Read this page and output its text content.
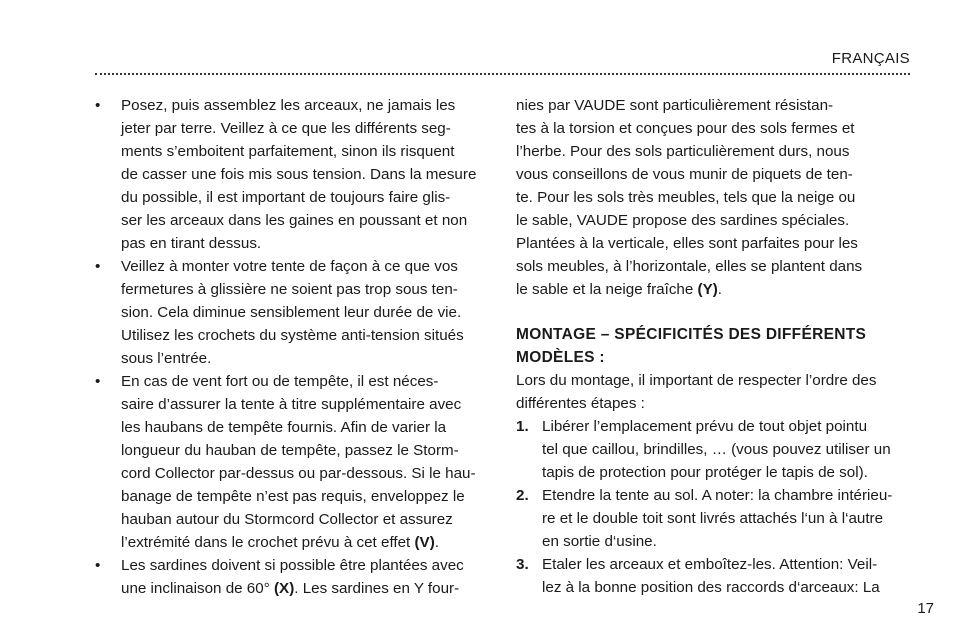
FRANÇAIS
• Posez, puis assemblez les arceaux, ne jamais les
jeter par terre. Veillez à ce que les différents seg-
ments s’emboitent parfaitement, sinon ils risquent
de casser une fois mis sous tension. Dans la mesure
du possible, il est important de toujours faire glis-
ser les arceaux dans les gaines en poussant et non
pas en tirant dessus.
• Veillez à monter votre tente de façon à ce que vos
fermetures à glissière ne soient pas trop sous ten-
sion. Cela diminue sensiblement leur durée de vie.
Utilisez les crochets du système anti-tension situés
sous l’entrée.
• En cas de vent fort ou de tempête, il est néces-
saire d’assurer la tente à titre supplémentaire avec
les haubans de tempête fournis. Afin de varier la
longueur du hauban de tempête, passez le Storm-
cord Collector par-dessus ou par-dessous. Si le hau-
banage de tempête n’est pas requis, enveloppez le
hauban autour du Stormcord Collector et assurez
l’extrémité dans le crochet prévu à cet effet (V).
• Les sardines doivent si possible être plantées avec
une inclinaison de 60° (X). Les sardines en Y four-
nies par VAUDE sont particulièrement résistan-
tes à la torsion et conçues pour des sols fermes et
l’herbe. Pour des sols particulièrement durs, nous
vous conseillons de vous munir de piquets de ten-
te. Pour les sols très meubles, tels que la neige ou
le sable, VAUDE propose des sardines spéciales.
Plantées à la verticale, elles sont parfaites pour les
sols meubles, à l’horizontale, elles se plantent dans
le sable et la neige fraîche (Y).
MONTAGE – SPÉCIFICITÉS DES DIFFÉRENTS
MODÈLES :
Lors du montage, il important de respecter l’ordre des
différentes étapes :
1. Libérer l’emplacement prévu de tout objet pointu
tel que caillou, brindilles, … (vous pouvez utiliser un
tapis de protection pour protéger le tapis de sol).
2. Etendre la tente au sol. A noter: la chambre intérieu-
re et le double toit sont livrés attachés l‘un à l‘autre
en sortie d‘usine.
3. Etaler les arceaux et emboîtez-les. Attention: Veil-
lez à la bonne position des raccords d‘arceaux: La
17
